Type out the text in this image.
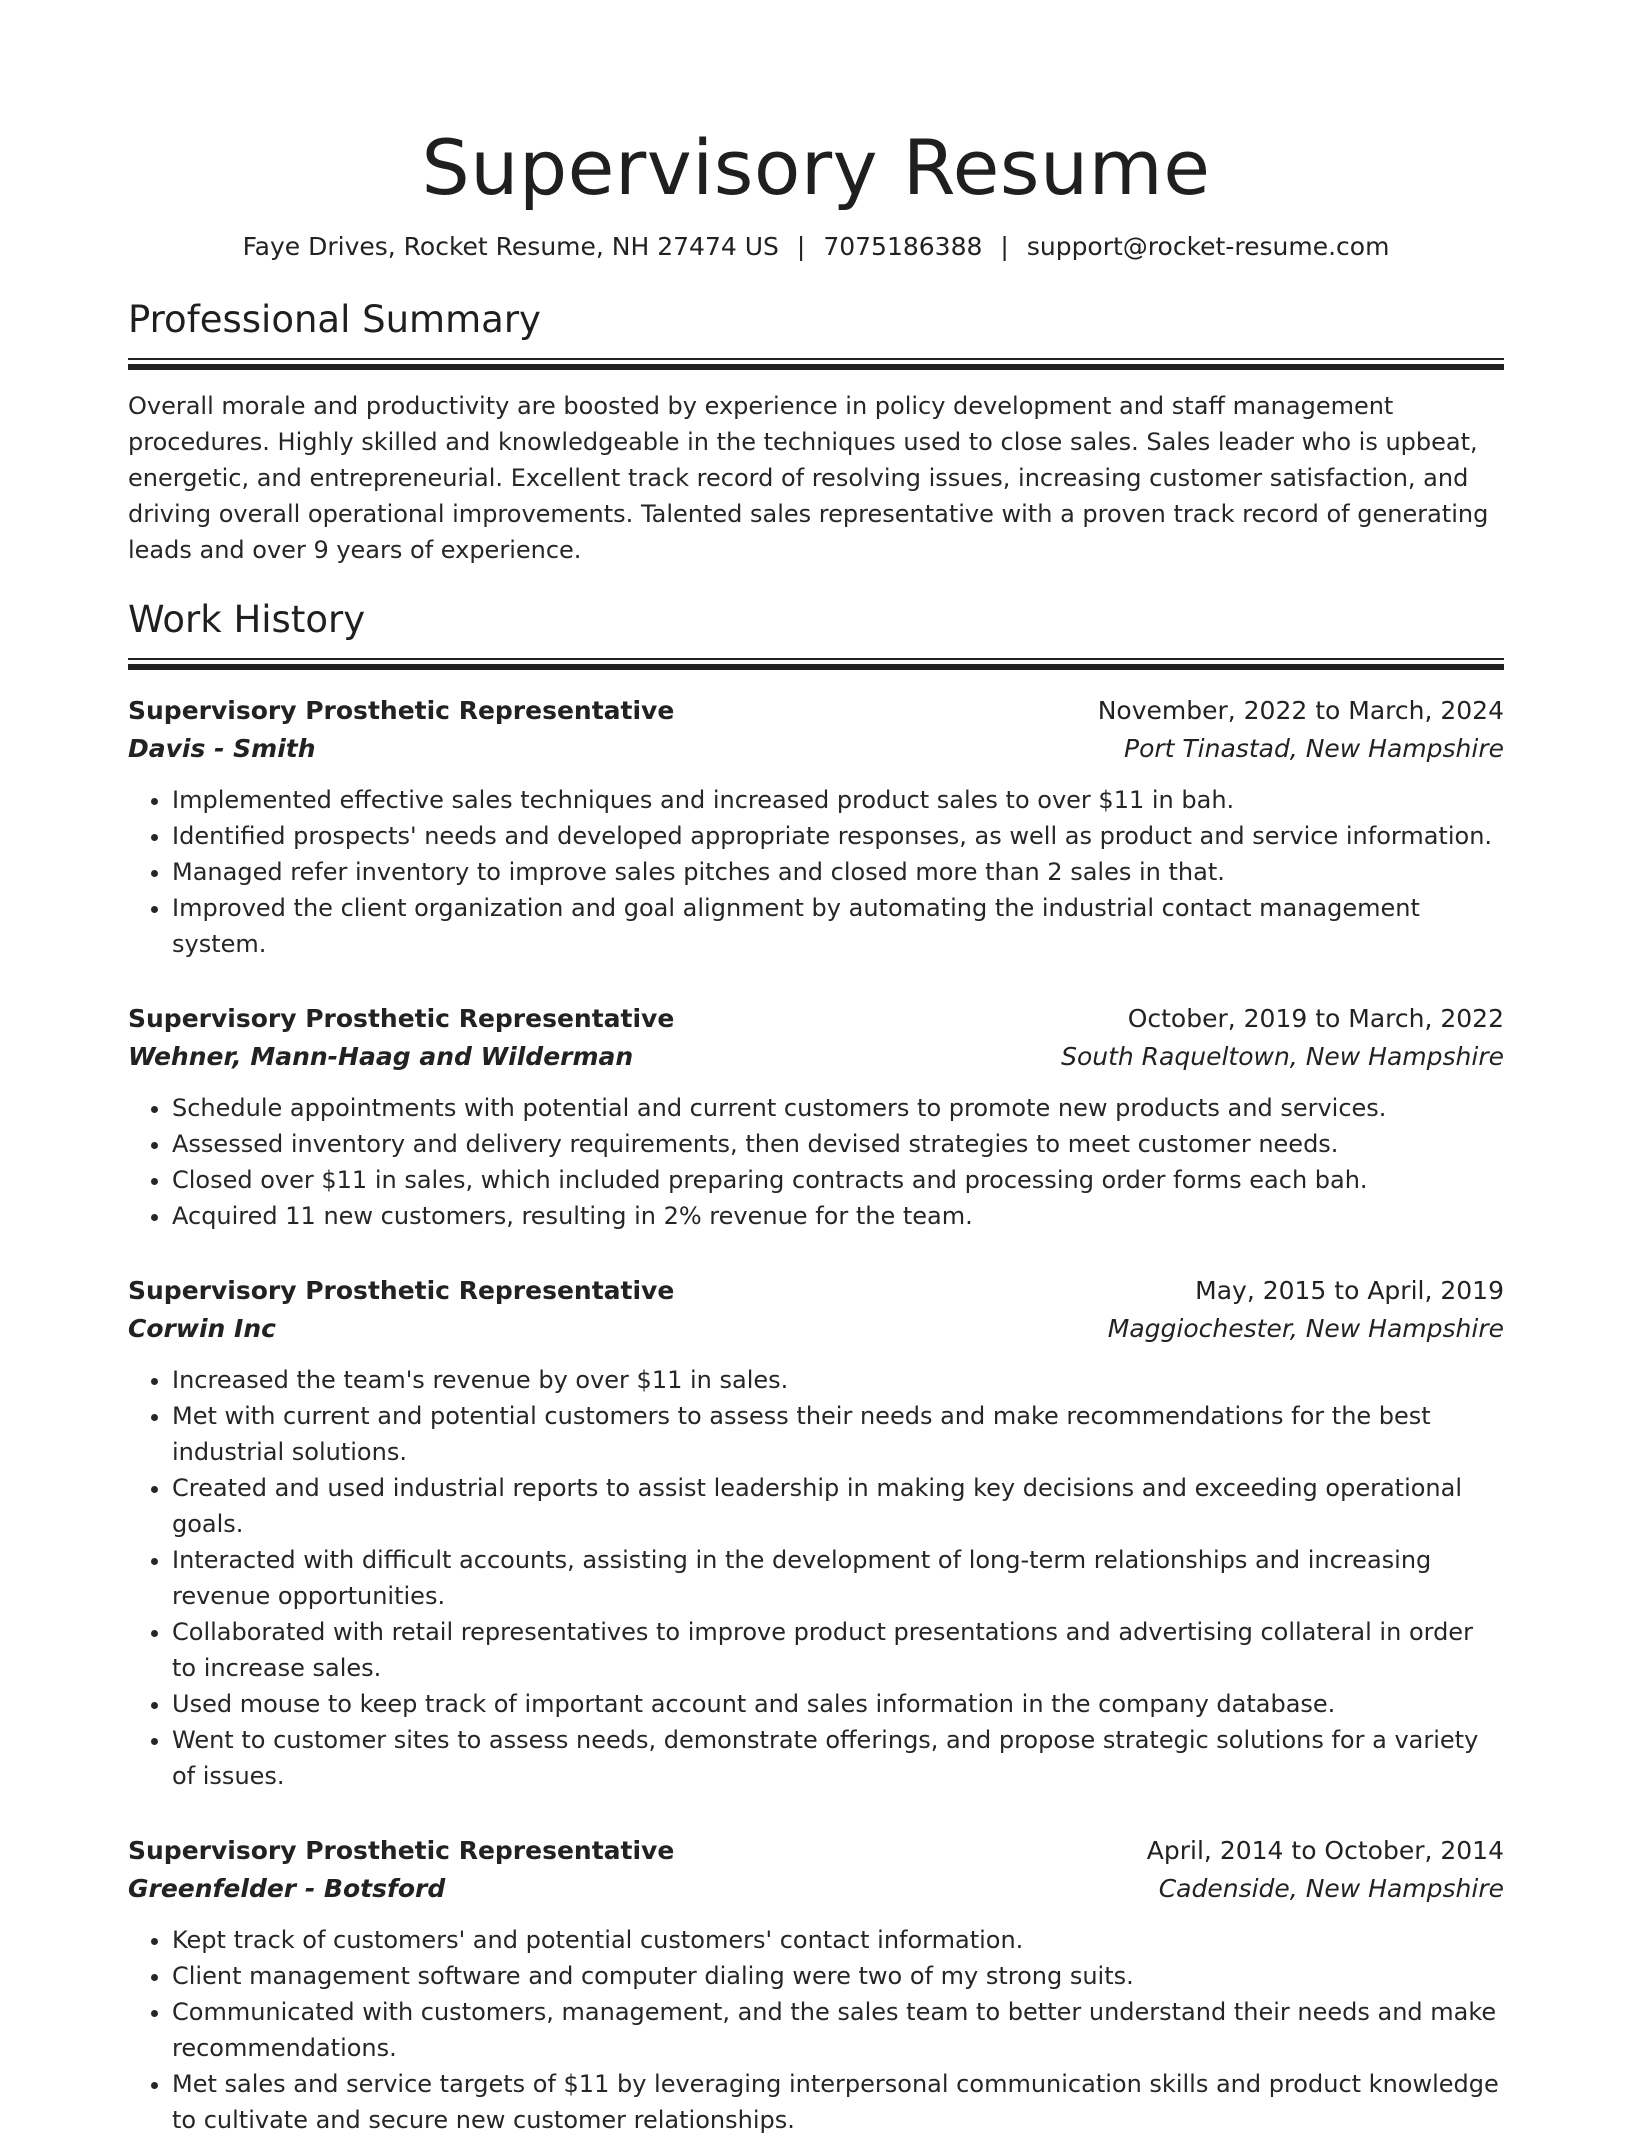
Supervisory Resume
Faye Drives, Rocket Resume, NH 27474 US | 7075186388 | support@rocket-resume.com
Professional Summary

Overall morale and productivity are boosted by experience in policy development and staff management procedures. Highly skilled and knowledgeable in the techniques used to close sales. Sales leader who is upbeat, energetic, and entrepreneurial. Excellent track record of resolving issues, increasing customer satisfaction, and driving overall operational improvements. Talented sales representative with a proven track record of generating leads and over 9 years of experience.

Work History
Supervisory Prosthetic Representative	November, 2022 to March, 2024
Davis - Smith	Port Tinastad, New Hampshire
• Implemented effective sales techniques and increased product sales to over $11 in bah.
• Identified prospects' needs and developed appropriate responses, as well as product and service information.
• Managed refer inventory to improve sales pitches and closed more than 2 sales in that.
• Improved the client organization and goal alignment by automating the industrial contact management system.
Supervisory Prosthetic Representative	October, 2019 to March, 2022
Wehner, Mann-Haag and Wilderman	South Raqueltown, New Hampshire
• Schedule appointments with potential and current customers to promote new products and services.
• Assessed inventory and delivery requirements, then devised strategies to meet customer needs.
• Closed over $11 in sales, which included preparing contracts and processing order forms each bah.
• Acquired 11 new customers, resulting in 2% revenue for the team.
Supervisory Prosthetic Representative	May, 2015 to April, 2019
Corwin Inc	Maggiochester, New Hampshire
• Increased the team's revenue by over $11 in sales.
• Met with current and potential customers to assess their needs and make recommendations for the best industrial solutions.
• Created and used industrial reports to assist leadership in making key decisions and exceeding operational goals.
• Interacted with difficult accounts, assisting in the development of long-term relationships and increasing revenue opportunities.
• Collaborated with retail representatives to improve product presentations and advertising collateral in order to increase sales.
• Used mouse to keep track of important account and sales information in the company database.
• Went to customer sites to assess needs, demonstrate offerings, and propose strategic solutions for a variety of issues.
Supervisory Prosthetic Representative	April, 2014 to October, 2014
Greenfelder - Botsford	Cadenside, New Hampshire
• Kept track of customers' and potential customers' contact information.
• Client management software and computer dialing were two of my strong suits.
• Communicated with customers, management, and the sales team to better understand their needs and make recommendations.
• Met sales and service targets of $11 by leveraging interpersonal communication skills and product knowledge to cultivate and secure new customer relationships.
